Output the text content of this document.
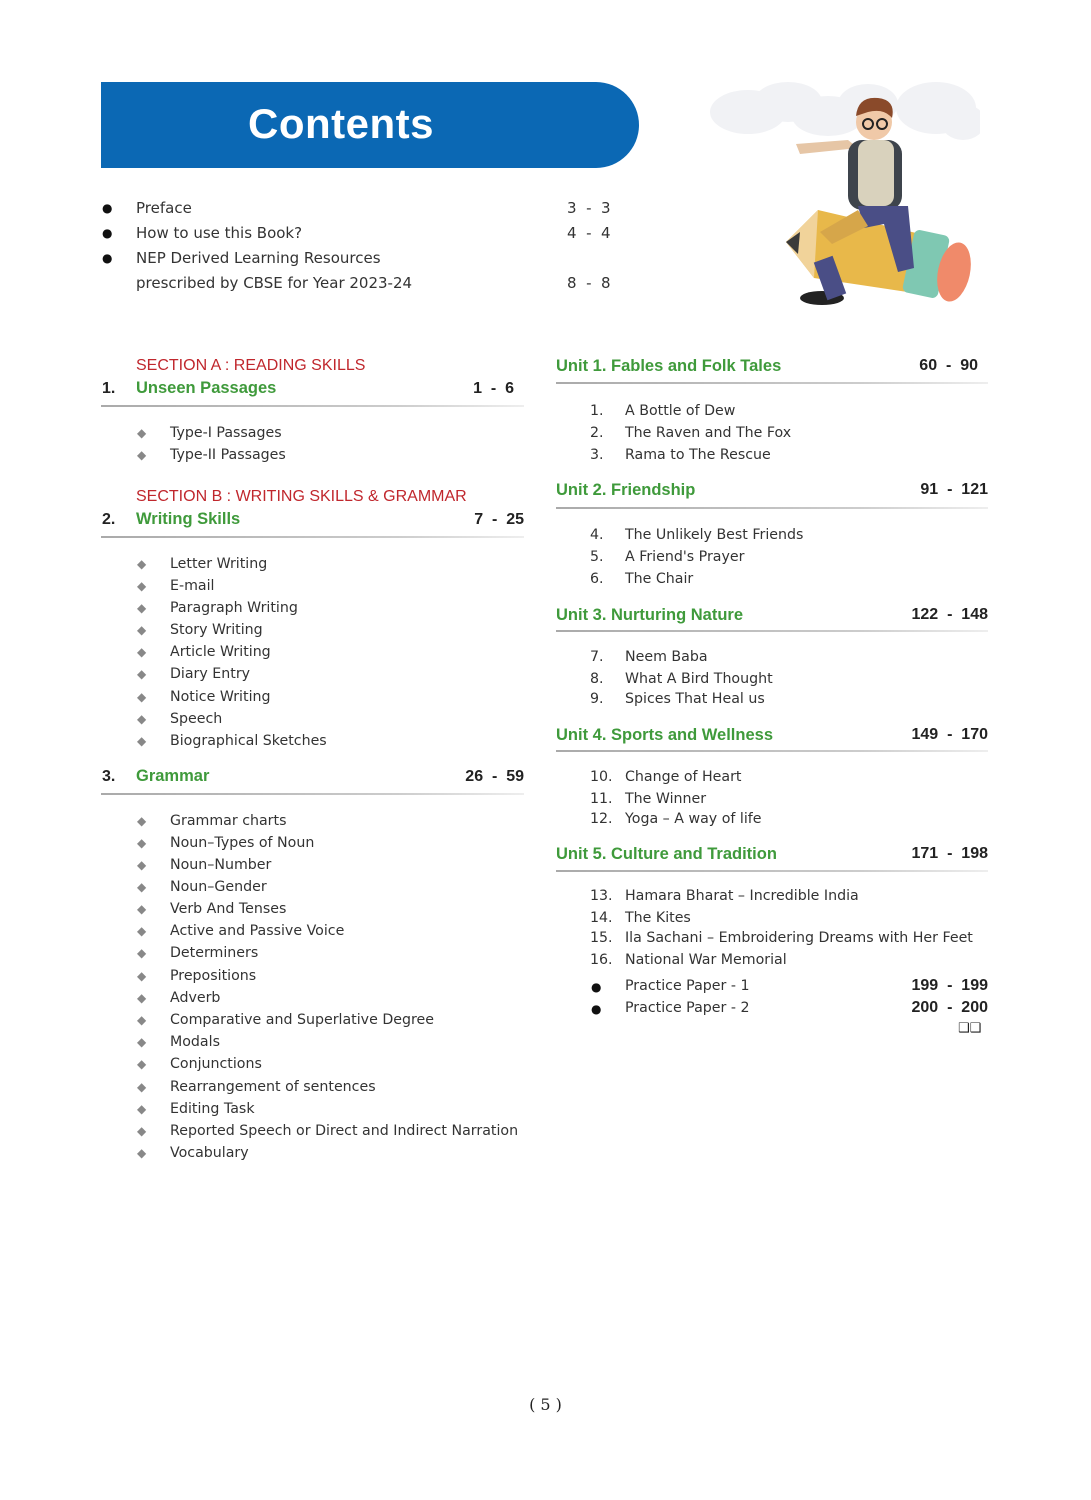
Contents
● Preface	3  -  3
● How to use this Book?	4  -  4
● NEP Derived Learning Resources
prescribed by CBSE for Year 2023-24	8  -  8
SECTION A : READING SKILLS
1. Unseen Passages	1  -  6
◆ Type-I Passages
◆ Type-II Passages
SECTION B : WRITING SKILLS & GRAMMAR
2. Writing Skills	7  -  25
◆ Letter Writing
◆ E-mail
◆ Paragraph Writing
◆ Story Writing
◆ Article Writing
◆ Diary Entry
◆ Notice Writing
◆ Speech
◆ Biographical Sketches
3. Grammar	26  -  59
◆ Grammar charts
◆ Noun–Types of Noun
◆ Noun–Number
◆ Noun–Gender
◆ Verb And Tenses
◆ Active and Passive Voice
◆ Determiners
◆ Prepositions
◆ Adverb
◆ Comparative and Superlative Degree
◆ Modals
◆ Conjunctions
◆ Rearrangement of sentences
◆ Editing Task
◆ Reported Speech or Direct and Indirect Narration
◆ Vocabulary
Unit 1. Fables and Folk Tales	60  -  90
1. A Bottle of Dew
2. The Raven and The Fox
3. Rama to The Rescue
Unit 2. Friendship	91  -  121
4. The Unlikely Best Friends
5. A Friend's Prayer
6. The Chair
Unit 3. Nurturing Nature	122  -  148
7. Neem Baba
8. What A Bird Thought
9. Spices That Heal us
Unit 4. Sports and Wellness	149  -  170
10. Change of Heart
11. The Winner
12. Yoga – A way of life
Unit 5. Culture and Tradition	171  -  198
13. Hamara Bharat – Incredible India
14. The Kites
15. Ila Sachani – Embroidering Dreams with Her Feet
16. National War Memorial
● Practice Paper - 1	199  -  199
● Practice Paper - 2	200  -  200
❑❑
( 5 )
